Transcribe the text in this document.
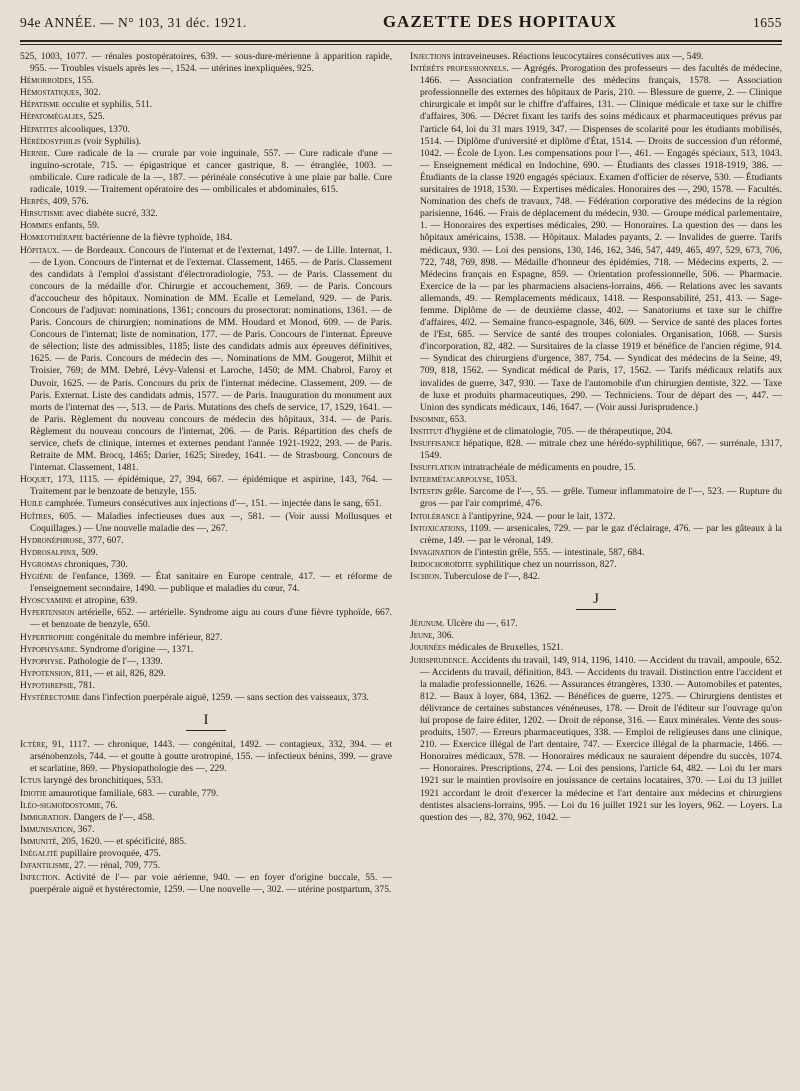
94e ANNÉE. — N° 103, 31 déc. 1921.	GAZETTE DES HOPITAUX	1655

525, 1003, 1077. — rénales postopératoires, 639. — sous-dure-mérienne à apparition rapide, 955. — Troubles visuels après les —, 1524. — utérines inexpliquées, 925.

Hémorroïdes, 155.

Hémostatiques, 302.

Hépatisme occulte et syphilis, 511.

Hépatomégalies, 525.

Hépatites alcooliques, 1370.

Hérédosyphilis (voir Syphilis).

Hernie. Cure radicale de la — crurale par voie inguinale, 557. — Cure radicale d'une — inguino-scrotale, 715. — épigastrique et cancer gastrique, 8. — étranglée, 1003. — ombilicale. Cure radicale de la —, 187. — périnéale consécutive à une plaie par balle. Cure radicale, 1019. — Traitement opératoire des — ombilicales et abdominales, 615.

Herpès, 409, 576.

Hirsutisme avec diabète sucré, 332.

Hommes enfants, 59.

Homœothérapie bactérienne de la fièvre typhoïde, 184.

Hôpitaux. — de Bordeaux. Concours de l'internat et de l'externat, 1497. — de Lille. Internat, 1. — de Lyon. Concours de l'internat et de l'externat. Classement, 1465. — de Paris. Classement des candidats à l'emploi d'assistant d'électroradiologie, 753. — de Paris. Classement du concours de la médaille d'or. Chirurgie et accouchement, 369. — de Paris. Concours d'accoucheur des hôpitaux. Nomination de MM. Ecalle et Lemeland, 929. — de Paris. Concours de l'adjuvat: nominations, 1361; concours du prosectorat: nominations, 1361. — de Paris. Concours de chirurgien; nominations de MM. Houdard et Monod, 609. — de Paris. Concours de l'internat; liste de nomination, 177. — de Paris. Concours de l'internat. Épreuve de sélection; liste des admissibles, 1185; liste des candidats admis aux épreuves définitives, 1625. — de Paris. Concours de médecin des —. Nominations de MM. Gougerot, Milhit et Troisier, 769; de MM. Debré, Lévy-Valensi et Laroche, 1450; de MM. Chabrol, Faroy et Duvoir, 1625. — de Paris. Concours du prix de l'internat médecine. Classement, 209. — de Paris. Externat. Liste des candidats admis, 1577. — de Paris. Inauguration du monument aux morts de l'internat des —, 513. — de Paris. Mutations des chefs de service, 17, 1529, 1641. — de Paris. Règlement du nouveau concours de médecin des hôpitaux, 314. — de Paris. Règlement du nouveau concours de l'internat, 206. — de Paris. Répartition des chefs de service, chefs de clinique, internes et externes pendant l'année 1921-1922, 293. — de Paris. Retraite de MM. Brocq, 1465; Darier, 1625; Siredey, 1641. — de Strasbourg. Concours de l'internat. Classement, 1481.

Hoquet, 173, 1115. — épidémique, 27, 394, 667. — épidémique et aspirine, 143, 764. — Traitement par le benzoate de benzyle, 155.

Huile camphrée. Tumeurs consécutives aux injections d'—, 151. — injectée dans le sang, 651.

Huîtres, 605. — Maladies infectieuses dues aux —, 581. — (Voir aussi Mollusques et Coquillages.) — Une nouvelle maladie des —, 267.

Hydronéphrose, 377, 607.

Hydrosalpinx, 509.

Hygromas chroniques, 730.

Hygiène de l'enfance, 1369. — État sanitaire en Europe centrale, 417. — et réforme de l'enseignement secondaire, 1490. — publique et maladies du cœur, 74.

Hyoscyamine et atropine, 639.

Hypertension artérielle, 652. — artérielle. Syndrome aigu au cours d'une fièvre typhoïde, 667. — et benzoate de benzyle, 650.

Hypertrophie congénitale du membre inférieur, 827.

Hypophysaire. Syndrome d'origine —, 1371.

Hypophyse. Pathologie de l'—, 1339.

Hypotension, 811, — et ail, 826, 829.

Hypothrepsie, 781.

Hystérectomie dans l'infection puerpérale aiguë, 1259. — sans section des vaisseaux, 373.

I

Ictère, 91, 1117. — chronique, 1443. — congénital, 1492. — contagieux, 332, 394. — et arsénobenzols, 744. — et goutte à goutte urotropiné, 155. — infectieux bénins, 399. — grave et scarlatine, 869. — Physiopathologie des —, 229.

Ictus laryngé des bronchitiques, 533.

Idiotie amaurotique familiale, 683. — curable, 779.

Iléo-sigmoïdostomie, 76.

Immigration. Dangers de l'—, 458.

Immunisation, 367.

Immunité, 205, 1620. — et spécificité, 885.

Inégalité pupillaire provoquée, 475.

Infantilisme, 27. — rénal, 709, 775.

Infection. Activité de l'— par voie aérienne, 940. — en foyer d'origine buccale, 55. — puerpérale aiguë et hystérectomie, 1259. — Une nouvelle —, 302. — utérine postpartum, 375.

Injections intraveineuses. Réactions leucocytaires consécutives aux —, 549.

Intérêts professionnels. — Agrégés. Prorogation des professeurs — des facultés de médecine, 1466. — Association confraternelle des médecins français, 1578. — Association professionnelle des externes des hôpitaux de Paris, 210. — Blessure de guerre, 2. — Clinique chirurgicale et impôt sur le chiffre d'affaires, 131. — Clinique médicale et taxe sur le chiffre d'affaires, 306. — Décret fixant les tarifs des soins médicaux et pharmaceutiques prévus par l'article 64, loi du 31 mars 1919, 347. — Dispenses de scolarité pour les étudiants mobilisés, 1514. — Diplôme d'université et diplôme d'État, 1514. — Droits de succession d'un réformé, 1042. — École de Lyon. Les compensations pour l'—, 461. — Engagés spéciaux, 513, 1043. — Enseignement médical en Indochine, 690. — Étudiants des classes 1918-1919, 386. — Étudiants de la classe 1920 engagés spéciaux. Examen d'officier de réserve, 530. — Étudiants sursitaires de 1918, 1530. — Expertises médicales. Honoraires des —, 290, 1578. — Facultés. Nomination des chefs de travaux, 748. — Fédération corporative des médecins de la région parisienne, 1646. — Frais de déplacement du médecin, 930. — Groupe médical parlementaire, 1. — Honoraires des expertises médicales, 290. — Honoraires. La question des — dans les hôpitaux américains, 1538. — Hôpitaux. Malades payants, 2. — Invalides de guerre. Tarifs médicaux, 930. — Loi des pensions, 130, 146, 162, 346, 547, 449, 465, 497, 529, 673, 706, 722, 748, 769, 898. — Médaille d'honneur des épidémies, 718. — Médecins experts, 2. — Médecins français en Espagne, 859. — Orientation professionnelle, 506. — Pharmacie. Exercice de la — par les pharmaciens alsaciens-lorrains, 466. — Relations avec les savants allemands, 49. — Remplacements médicaux, 1418. — Responsabilité, 251, 413. — Sage-femme. Diplôme de — de deuxième classe, 402. — Sanatoriums et taxe sur le chiffre d'affaires, 402. — Semaine franco-espagnole, 346, 609. — Service de santé des places fortes de l'Est, 685. — Service de santé des troupes coloniales. Organisation, 1068. — Sursis d'incorporation, 82, 482. — Sursitaires de la classe 1919 et bénéfice de l'ancien régime, 914. — Syndicat des chirurgiens d'urgence, 387, 754. — Syndicat des médecins de la Seine, 49, 709, 818, 1562. — Syndicat médical de Paris, 17, 1562. — Tarifs médicaux relatifs aux invalides de guerre, 347, 930. — Taxe de l'automobile d'un chirurgien dentiste, 322. — Taxe de luxe et produits pharmaceutiques, 290. — Techniciens. Tour de départ des —, 447. — Union des syndicats médicaux, 146, 1647. — (Voir aussi Jurisprudence.)

Insomnie, 653.

Institut d'hygiène et de climatologie, 705. — de thérapeutique, 204.

Insuffisance hépatique, 828. — mitrale chez une hérédo-syphilitique, 667. — surrénale, 1317, 1549.

Insufflation intratrachéale de médicaments en poudre, 15.

Intermétacarpolyse, 1053.

Intestin grêle. Sarcome de l'—, 55. — grêle. Tumeur inflammatoire de l'—, 523. — Rupture du gros — par l'air comprimé, 476.

Intolérance à l'antipyrine, 924. — pour le lait, 1372.

Intoxications, 1109. — arsenicales, 729. — par le gaz d'éclairage, 476. — par les gâteaux à la crème, 149. — par le véronal, 149.

Invagination de l'intestin grêle, 555. — intestinale, 587, 684.

Iridochoroïdite syphilitique chez un nourrisson, 827.

Ischion. Tuberculose de l'—, 842.

J

Jéjunum. Ulcère du —, 617.

Jeune, 306.

Journées médicales de Bruxelles, 1521.

Jurisprudence. Accidents du travail, 149, 914, 1196, 1410. — Accident du travail, ampoule, 652. — Accidents du travail, définition, 843. — Accidents du travail. Distinction entre l'accident et la maladie professionnelle, 1626. — Assurances étrangères, 1330. — Automobiles et patentes, 812. — Baux à loyer, 684, 1362. — Bénéfices de guerre, 1275. — Chirurgiens dentistes et délivrance de certaines substances vénéneuses, 178. — Droit de l'éditeur sur l'ouvrage qu'on lui propose de faire éditer, 1202. — Droit de réponse, 316. — Eaux minérales. Vente des sous-produits, 1507. — Erreurs pharmaceutiques, 338. — Emploi de religieuses dans une clinique, 210. — Exercice illégal de l'art dentaire, 747. — Exercice illégal de la pharmacie, 1466. — Honoraires médicaux, 578. — Honoraires médicaux ne sauraient dépendre du succès, 1074. — Honoraires. Prescriptions, 274. — Loi des pensions, l'article 64, 482. — Loi du 1er mars 1921 sur le maintien provisoire en jouissance de certains locataires, 370. — Loi du 13 juillet 1921 accordant le droit d'exercer la médecine et l'art dentaire aux médecins et chirurgiens dentistes alsaciens-lorrains, 995. — Loi du 16 juillet 1921 sur les loyers, 962. — Loyers. La question des —, 82, 370, 962, 1042. —
